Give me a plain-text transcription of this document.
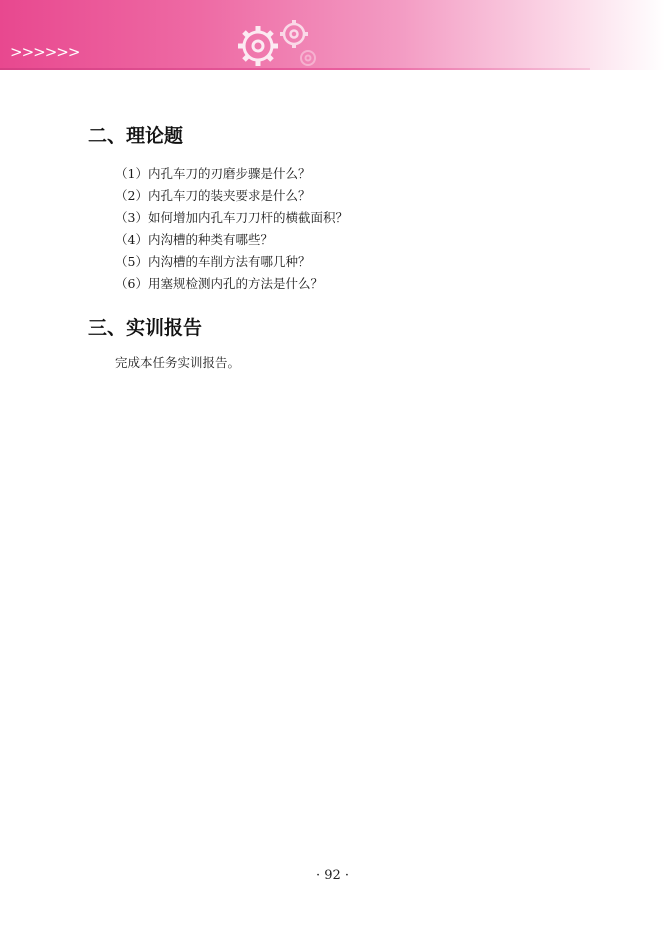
>>>>>>
二、理论题
（1）内孔车刀的刃磨步骤是什么？
（2）内孔车刀的装夹要求是什么？
（3）如何增加内孔车刀刀杆的横截面积？
（4）内沟槽的种类有哪些？
（5）内沟槽的车削方法有哪几种？
（6）用塞规检测内孔的方法是什么？
三、实训报告
完成本任务实训报告。
· 92 ·
